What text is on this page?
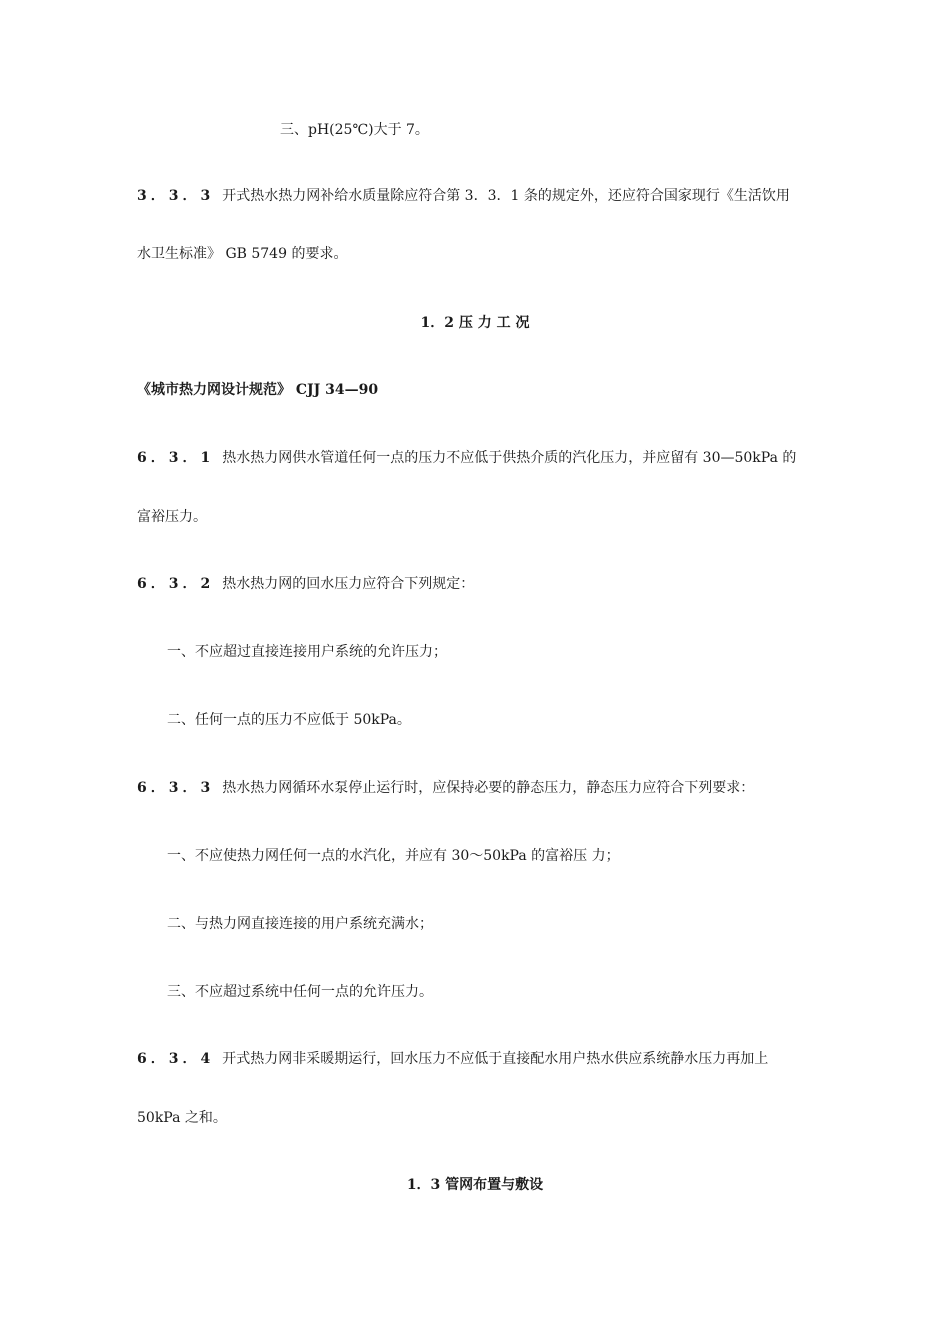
三、pH(25℃)大于 7。
3．3．3 开式热水热力网补给水质量除应符合第 3．3．1 条的规定外，还应符合国家现行《生活饮用
水卫生标准》 GB 5749 的要求。
1．2 压 力 工 况
《城市热力网设计规范》 CJJ 34—90
6．3．1 热水热力网供水管道任何一点的压力不应低于供热介质的汽化压力，并应留有 30—50kPa 的
富裕压力。
6．3．2 热水热力网的回水压力应符合下列规定：
一、不应超过直接连接用户系统的允许压力；
二、任何一点的压力不应低于 50kPa。
6．3．3 热水热力网循环水泵停止运行时，应保持必要的静态压力，静态压力应符合下列要求：
一、不应使热力网任何一点的水汽化，并应有 30～50kPa 的富裕压 力；
二、与热力网直接连接的用户系统充满水；
三、不应超过系统中任何一点的允许压力。
6．3．4 开式热力网非采暖期运行，回水压力不应低于直接配水用户热水供应系统静水压力再加上
50kPa 之和。
1．3 管网布置与敷设
